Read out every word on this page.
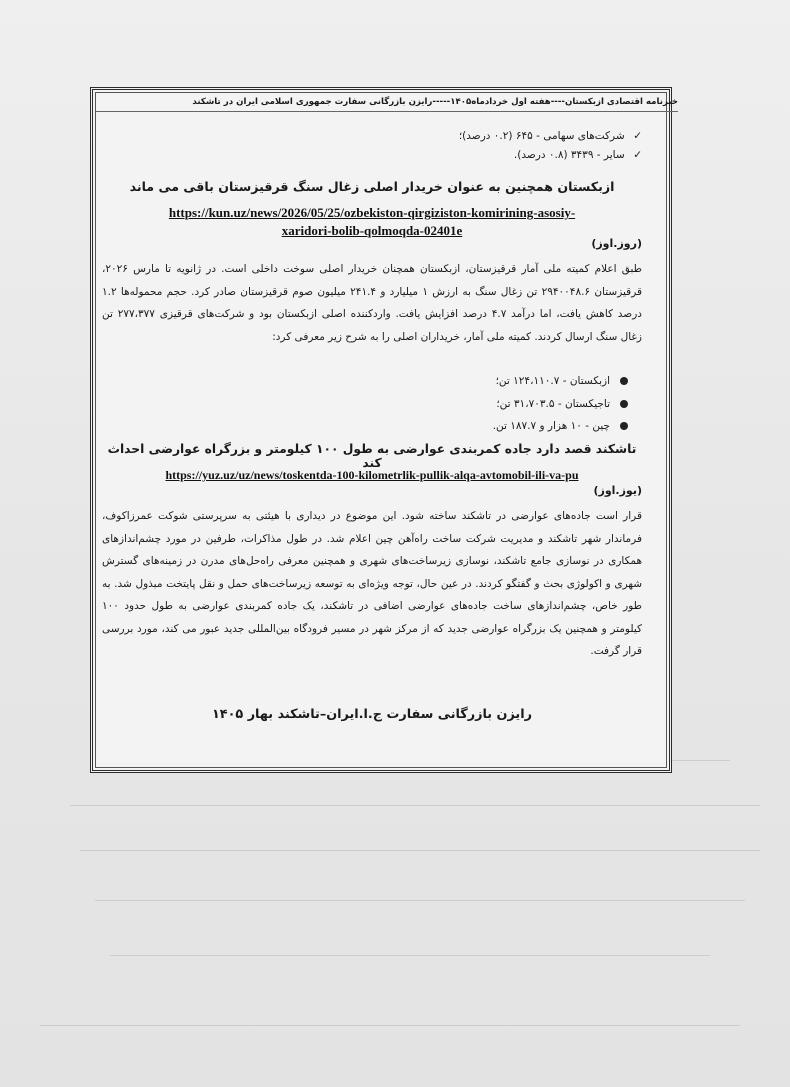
خبرنامه اقتصادی ازبکستان----هفته اول خردادماه۱۴۰۵-----رایزن بازرگانی سفارت جمهوری اسلامی ایران در تاشکند
✓ شرکت‌های سهامی - ۶۴۵ (۰.۲ درصد)؛
✓ سایر - ۳۴۳۹ (۰.۸ درصد).
ازبکستان همچنین به عنوان خریدار اصلی زغال سنگ قرقیزستان باقی می ماند
https://kun.uz/news/2026/05/25/ozbekiston-qirgiziston-komirining-asosiy-
xaridori-bolib-qolmoqda-02401e
(روز.اوز)
طبق اعلام کمیته ملی آمار قرقیزستان، ازبکستان همچنان خریدار اصلی سوخت داخلی است. در ژانویه تا مارس ۲۰۲۶، قرقیزستان ۲۹۴۰۰۴۸.۶ تن زغال سنگ به ارزش ۱ میلیارد و ۲۴۱.۴ میلیون صوم قرقیزستان صادر کرد. حجم محموله‌ها ۱.۲ درصد کاهش یافت، اما درآمد ۴.۷ درصد افزایش یافت. واردکننده اصلی ازبکستان بود و شرکت‌های قرقیزی ۲۷۷،۳۷۷ تن زغال سنگ ارسال کردند. کمیته ملی آمار، خریداران اصلی را به شرح زیر معرفی کرد:
ازبکستان - ۱۲۴،۱۱۰.۷ تن؛
تاجیکستان - ۳۱،۷۰۳.۵ تن؛
چین - ۱۰ هزار و ۱۸۷.۷ تن.
تاشکند قصد دارد جاده کمربندی عوارضی به طول ۱۰۰ کیلومتر و بزرگراه عوارضی احداث کند
https://yuz.uz/uz/news/toskentda-100-kilometrlik-pullik-alqa-avtomobil-ili-va-pu
(یوز.اوز)
قرار است جاده‌های عوارضی در تاشکند ساخته شود. این موضوع در دیداری با هیئتی به سرپرستی شوکت عمرزاکوف، فرماندار شهر تاشکند و مدیریت شرکت ساخت راه‌آهن چین اعلام شد. در طول مذاکرات، طرفین در مورد چشم‌اندازهای همکاری در نوسازی جامع تاشکند، نوسازی زیرساخت‌های شهری و همچنین معرفی راه‌حل‌های مدرن در زمینه‌های گسترش شهری و اکولوژی بحث و گفتگو کردند. در عین حال، توجه ویژه‌ای به توسعه زیرساخت‌های حمل و نقل پایتخت مبذول شد. به طور خاص، چشم‌اندازهای ساخت جاده‌های عوارضی اضافی در تاشکند، یک جاده کمربندی عوارضی به طول حدود ۱۰۰ کیلومتر و همچنین یک بزرگراه عوارضی جدید که از مرکز شهر در مسیر فرودگاه بین‌المللی جدید عبور می کند، مورد بررسی قرار گرفت.
رایزن بازرگانی سفارت ج.ا.ایران–تاشکند بهار ۱۴۰۵
